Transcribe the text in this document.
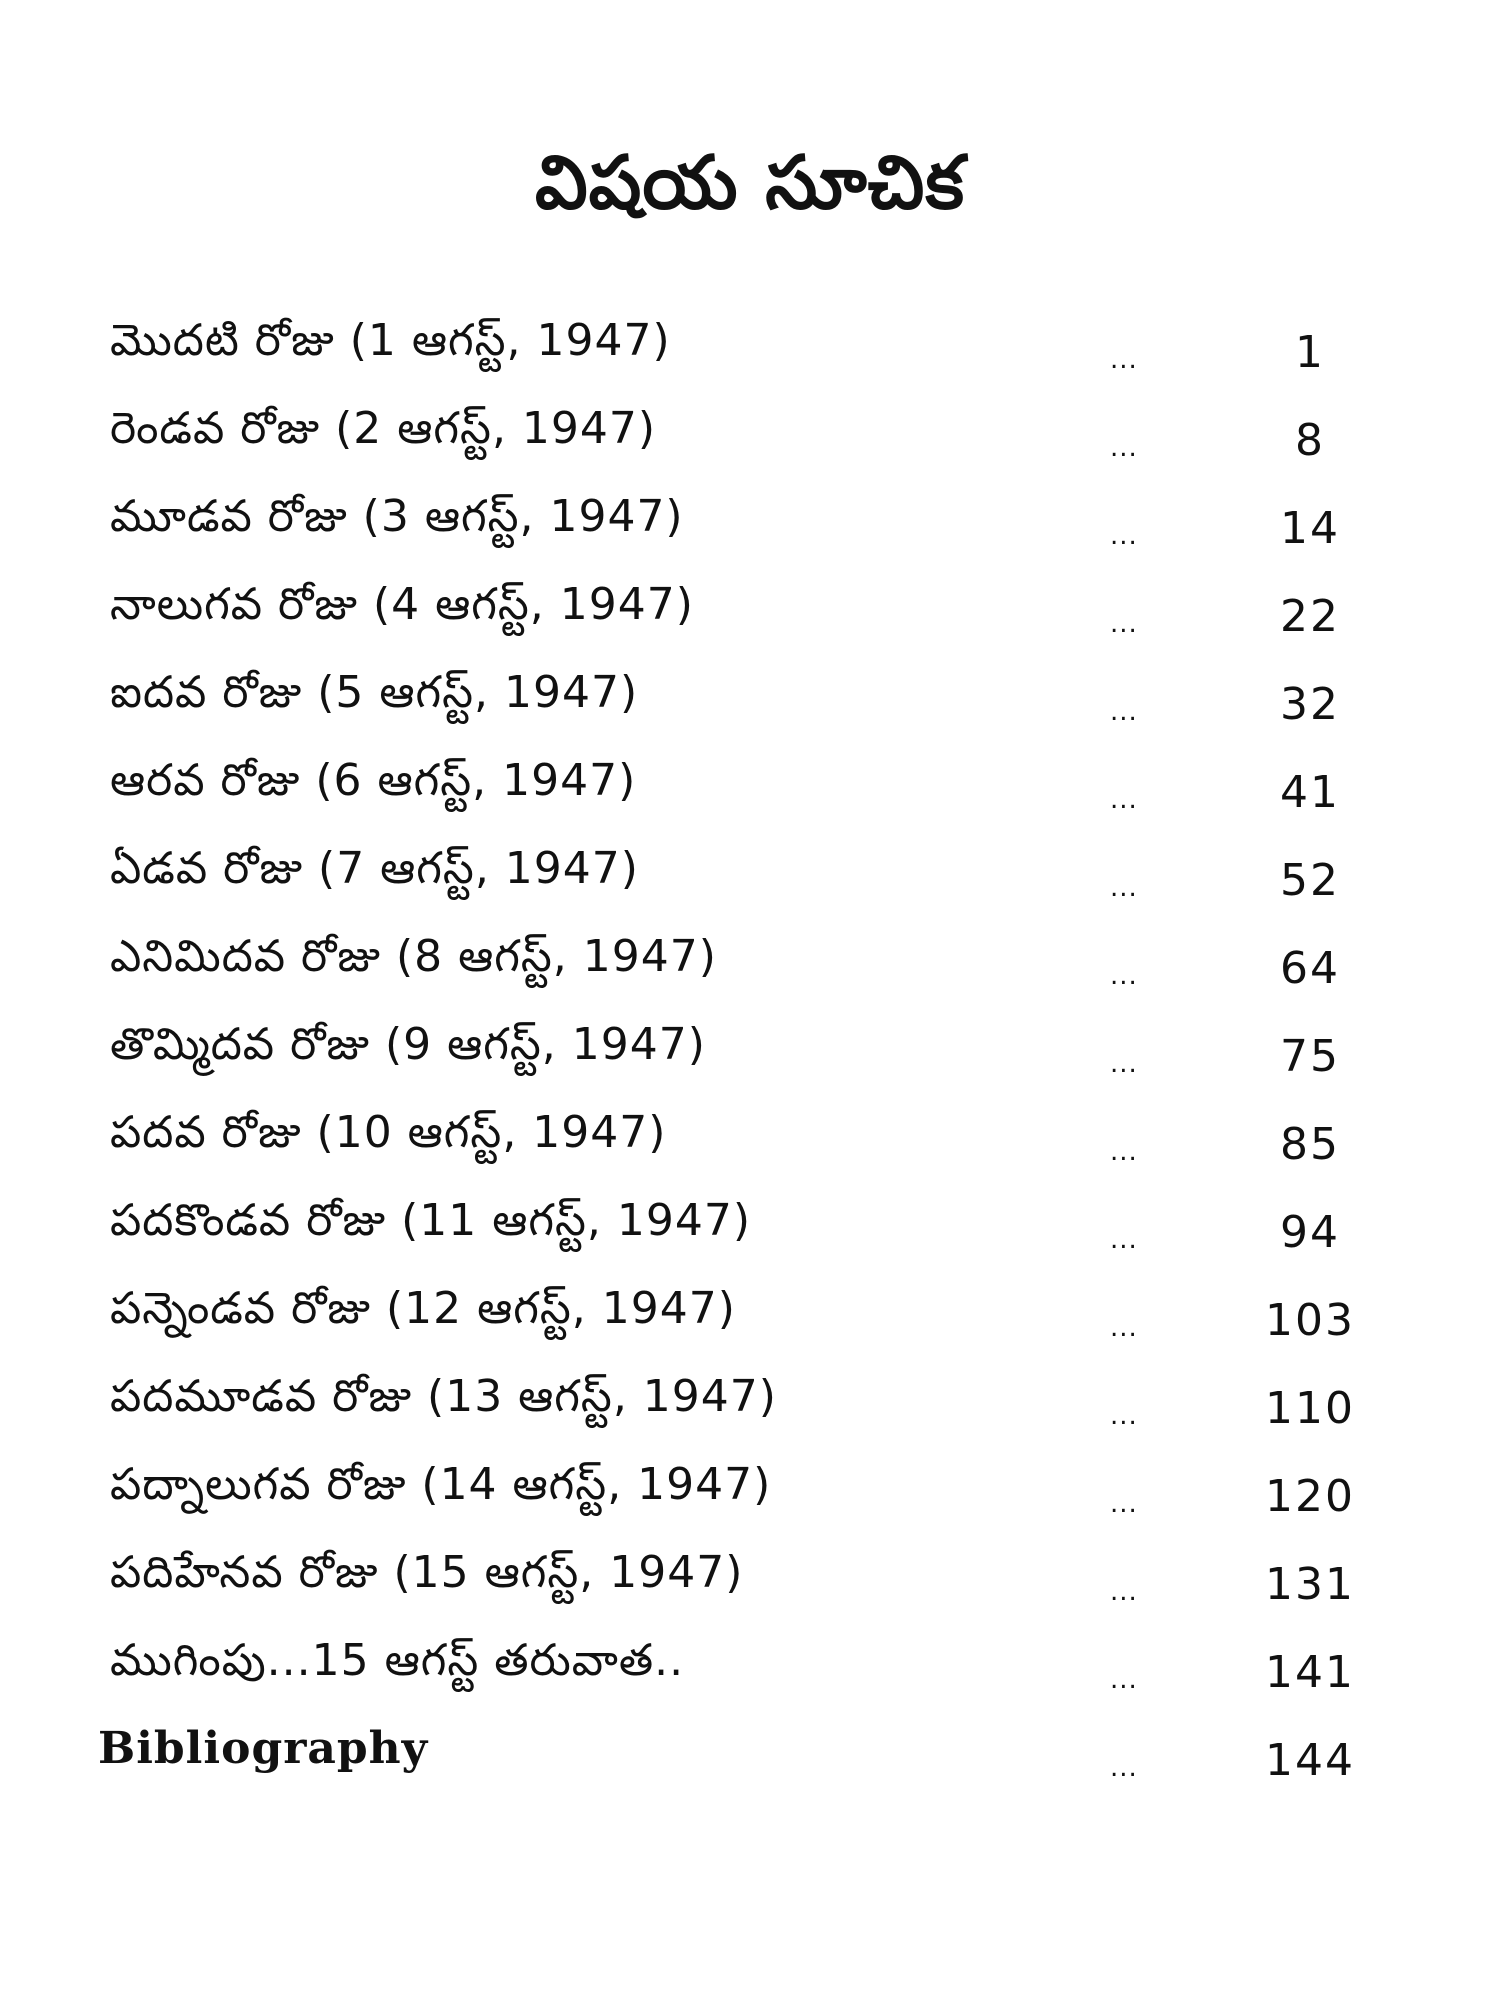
విషయ సూచిక
మొదటి రోజు (1 ఆగస్ట్, 1947)	...	1
రెండవ రోజు (2 ఆగస్ట్, 1947)	...	8
మూడవ రోజు (3 ఆగస్ట్, 1947)	...	14
నాలుగవ రోజు (4 ఆగస్ట్, 1947)	...	22
ఐదవ రోజు (5 ఆగస్ట్, 1947)	...	32
ఆరవ రోజు (6 ఆగస్ట్, 1947)	...	41
ఏడవ రోజు (7 ఆగస్ట్, 1947)	...	52
ఎనిమిదవ రోజు (8 ఆగస్ట్, 1947)	...	64
తొమ్మిదవ రోజు (9 ఆగస్ట్, 1947)	...	75
పదవ రోజు (10 ఆగస్ట్, 1947)	...	85
పదకొండవ రోజు (11 ఆగస్ట్, 1947)	...	94
పన్నెండవ రోజు (12 ఆగస్ట్, 1947)	...	103
పదమూడవ రోజు (13 ఆగస్ట్, 1947)	...	110
పద్నాలుగవ రోజు (14 ఆగస్ట్, 1947)	...	120
పదిహేనవ రోజు (15 ఆగస్ట్, 1947)	...	131
ముగింపు...15 ఆగస్ట్ తరువాత..	...	141
Bibliography	...	144
